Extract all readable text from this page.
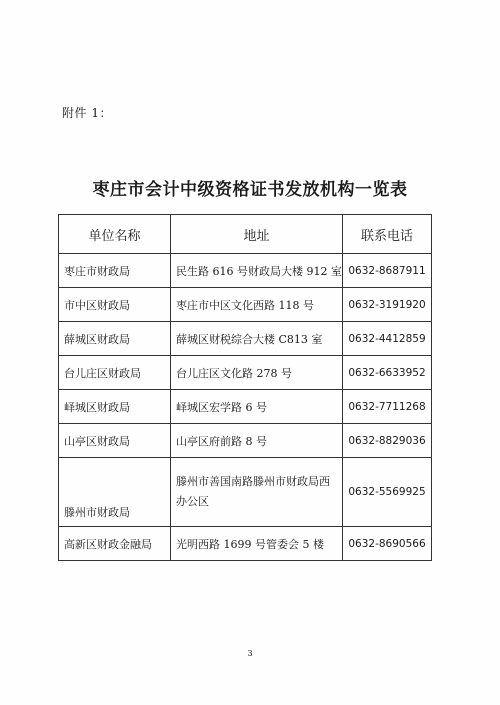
附件 1：
枣庄市会计中级资格证书发放机构一览表
单位名称	地址	联系电话
枣庄市财政局	民生路 616 号财政局大楼 912 室	0632-8687911
市中区财政局	枣庄市中区文化西路 118 号	0632-3191920
薛城区财政局	薛城区财税综合大楼 C813 室	0632-4412859
台儿庄区财政局	台儿庄区文化路 278 号	0632-6633952
峄城区财政局	峄城区宏学路 6 号	0632-7711268
山亭区财政局	山亭区府前路 8 号	0632-8829036
滕州市财政局	滕州市善国南路滕州市财政局西办公区	0632-5569925
高新区财政金融局	光明西路 1699 号管委会 5 楼	0632-8690566
3
